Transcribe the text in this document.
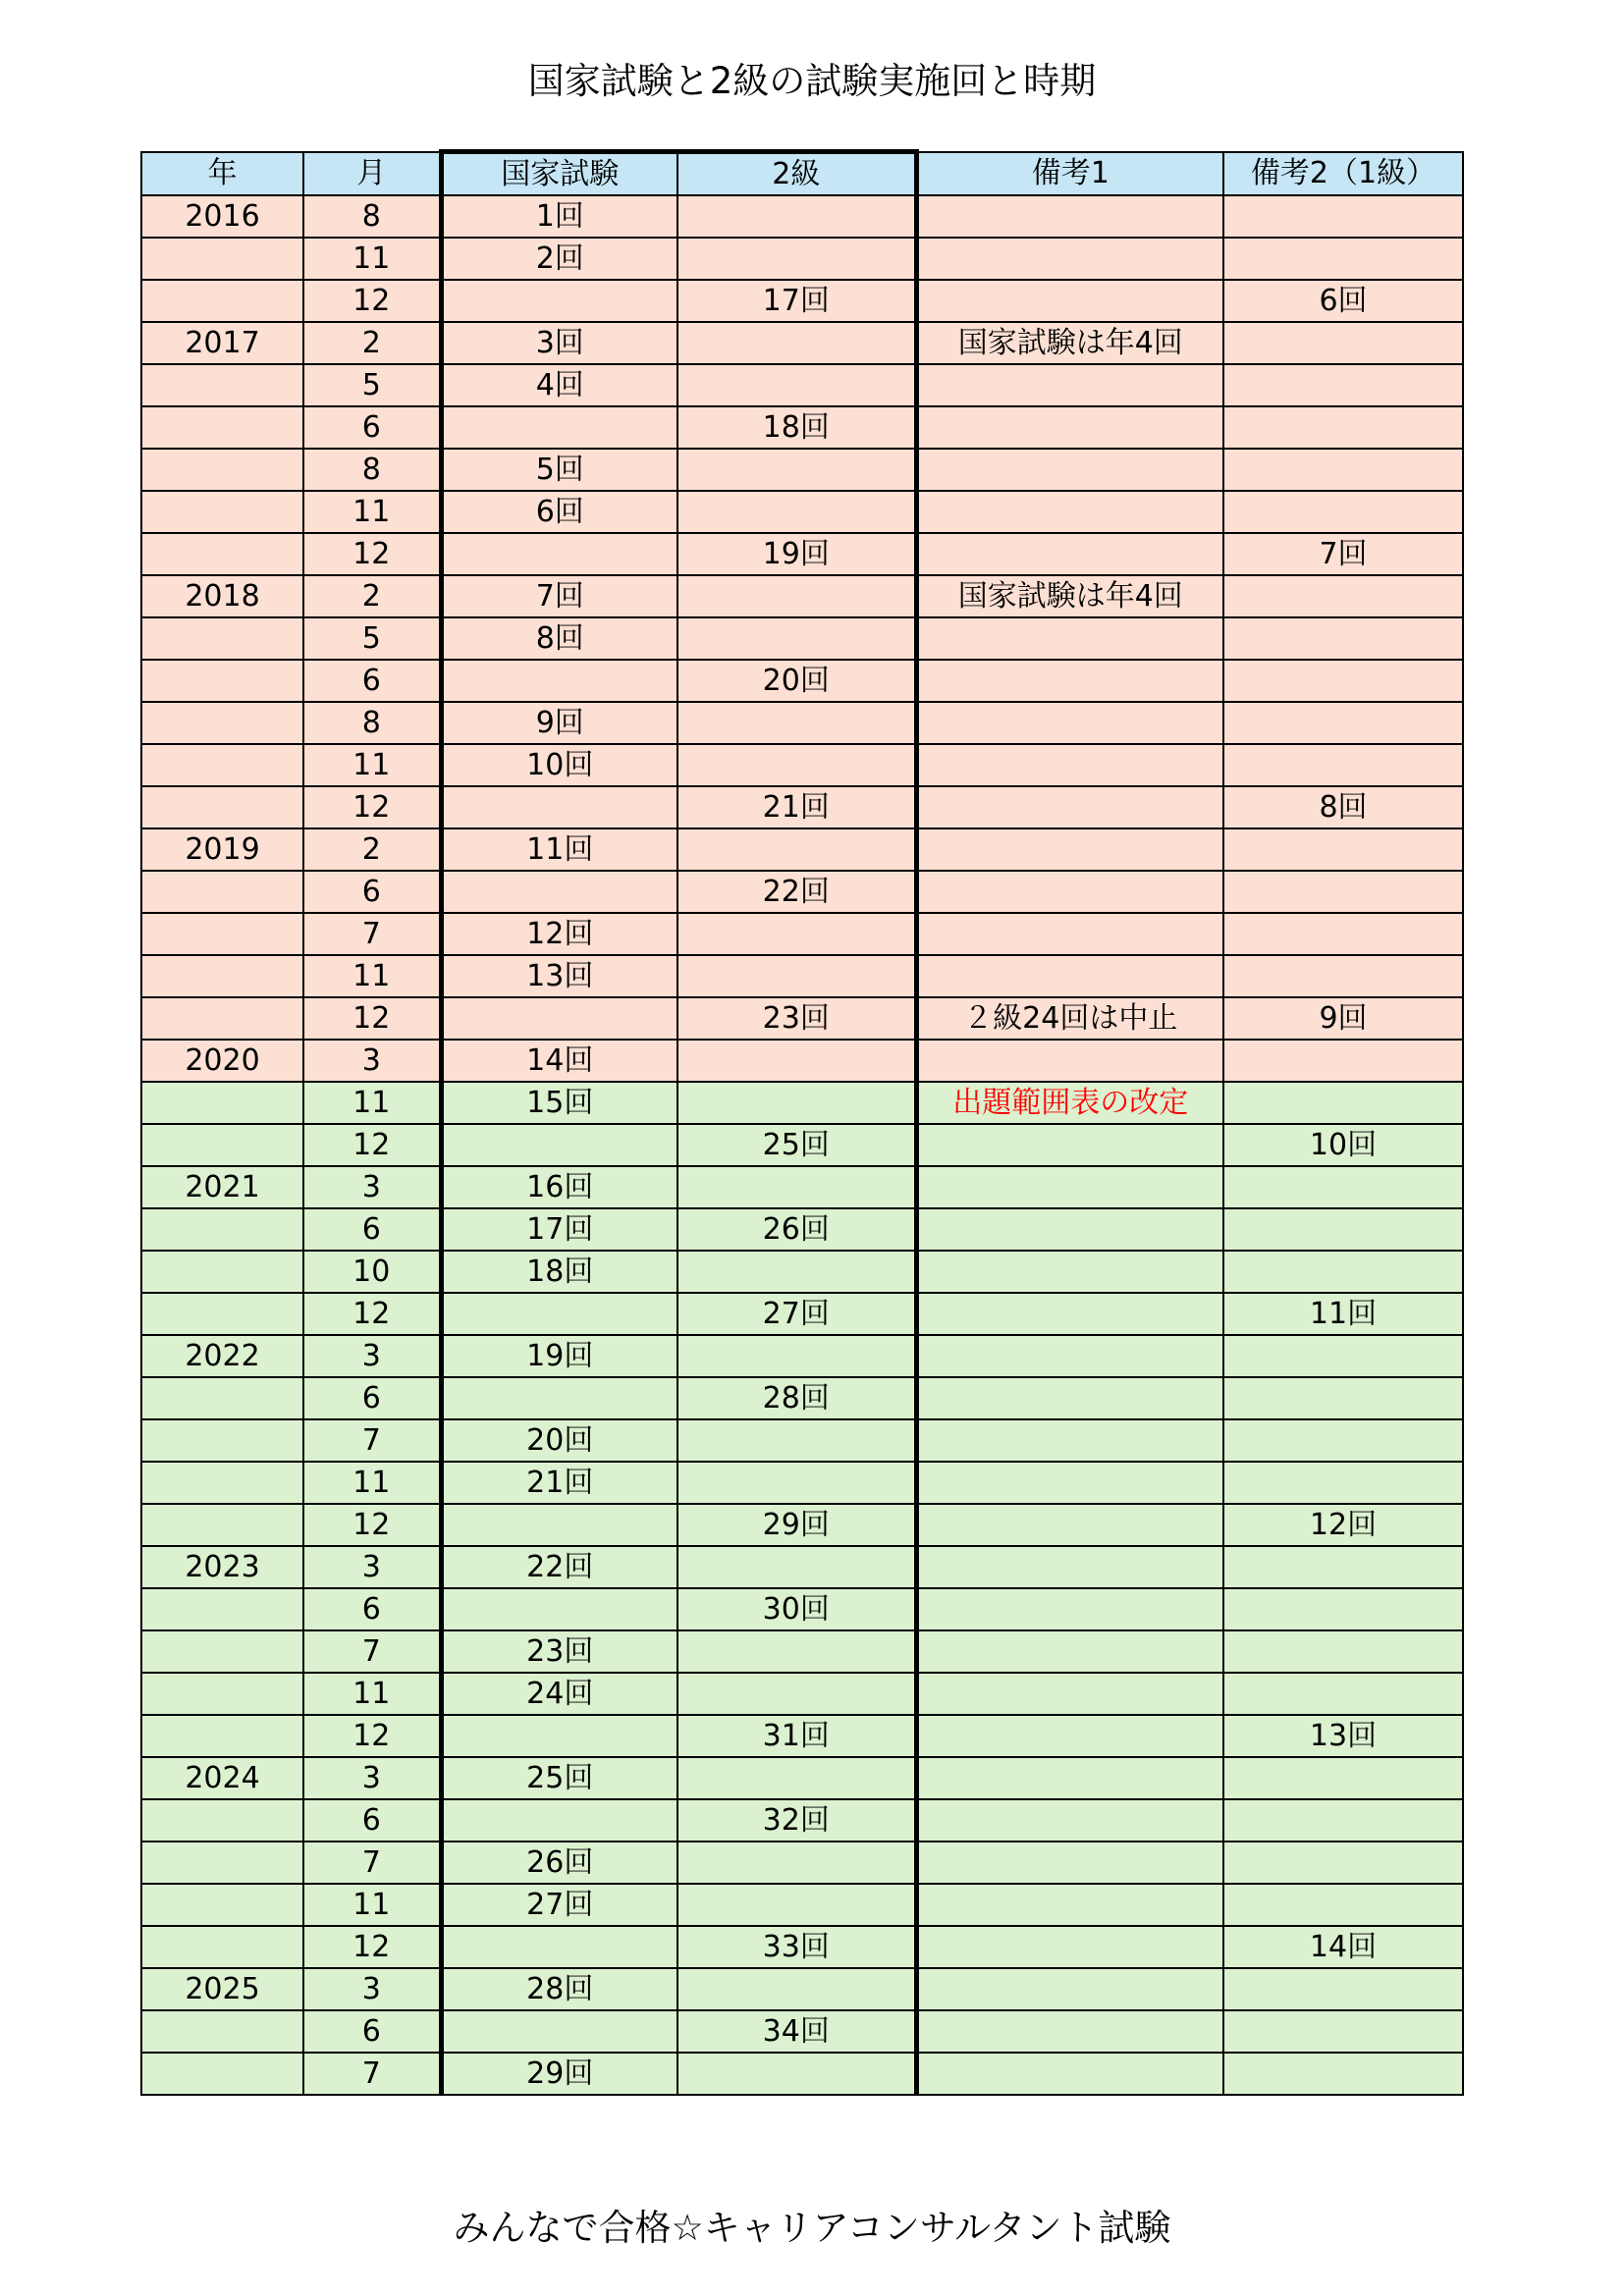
国家試験と2級の試験実施回と時期
年	月	国家試験	2級	備考1	備考2（1級）
2016	8	1回			
	11	2回			
	12		17回		6回
2017	2	3回		国家試験は年4回	
	5	4回			
	6		18回		
	8	5回			
	11	6回			
	12		19回		7回
2018	2	7回		国家試験は年4回	
	5	8回			
	6		20回		
	8	9回			
	11	10回			
	12		21回		8回
2019	2	11回			
	6		22回		
	7	12回			
	11	13回			
	12		23回	２級24回は中止	9回
2020	3	14回			
	11	15回		出題範囲表の改定	
	12		25回		10回
2021	3	16回			
	6	17回	26回		
	10	18回			
	12		27回		11回
2022	3	19回			
	6		28回		
	7	20回			
	11	21回			
	12		29回		12回
2023	3	22回			
	6		30回		
	7	23回			
	11	24回			
	12		31回		13回
2024	3	25回			
	6		32回		
	7	26回			
	11	27回			
	12		33回		14回
2025	3	28回			
	6		34回		
	7	29回			
みんなで合格☆キャリアコンサルタント試験
